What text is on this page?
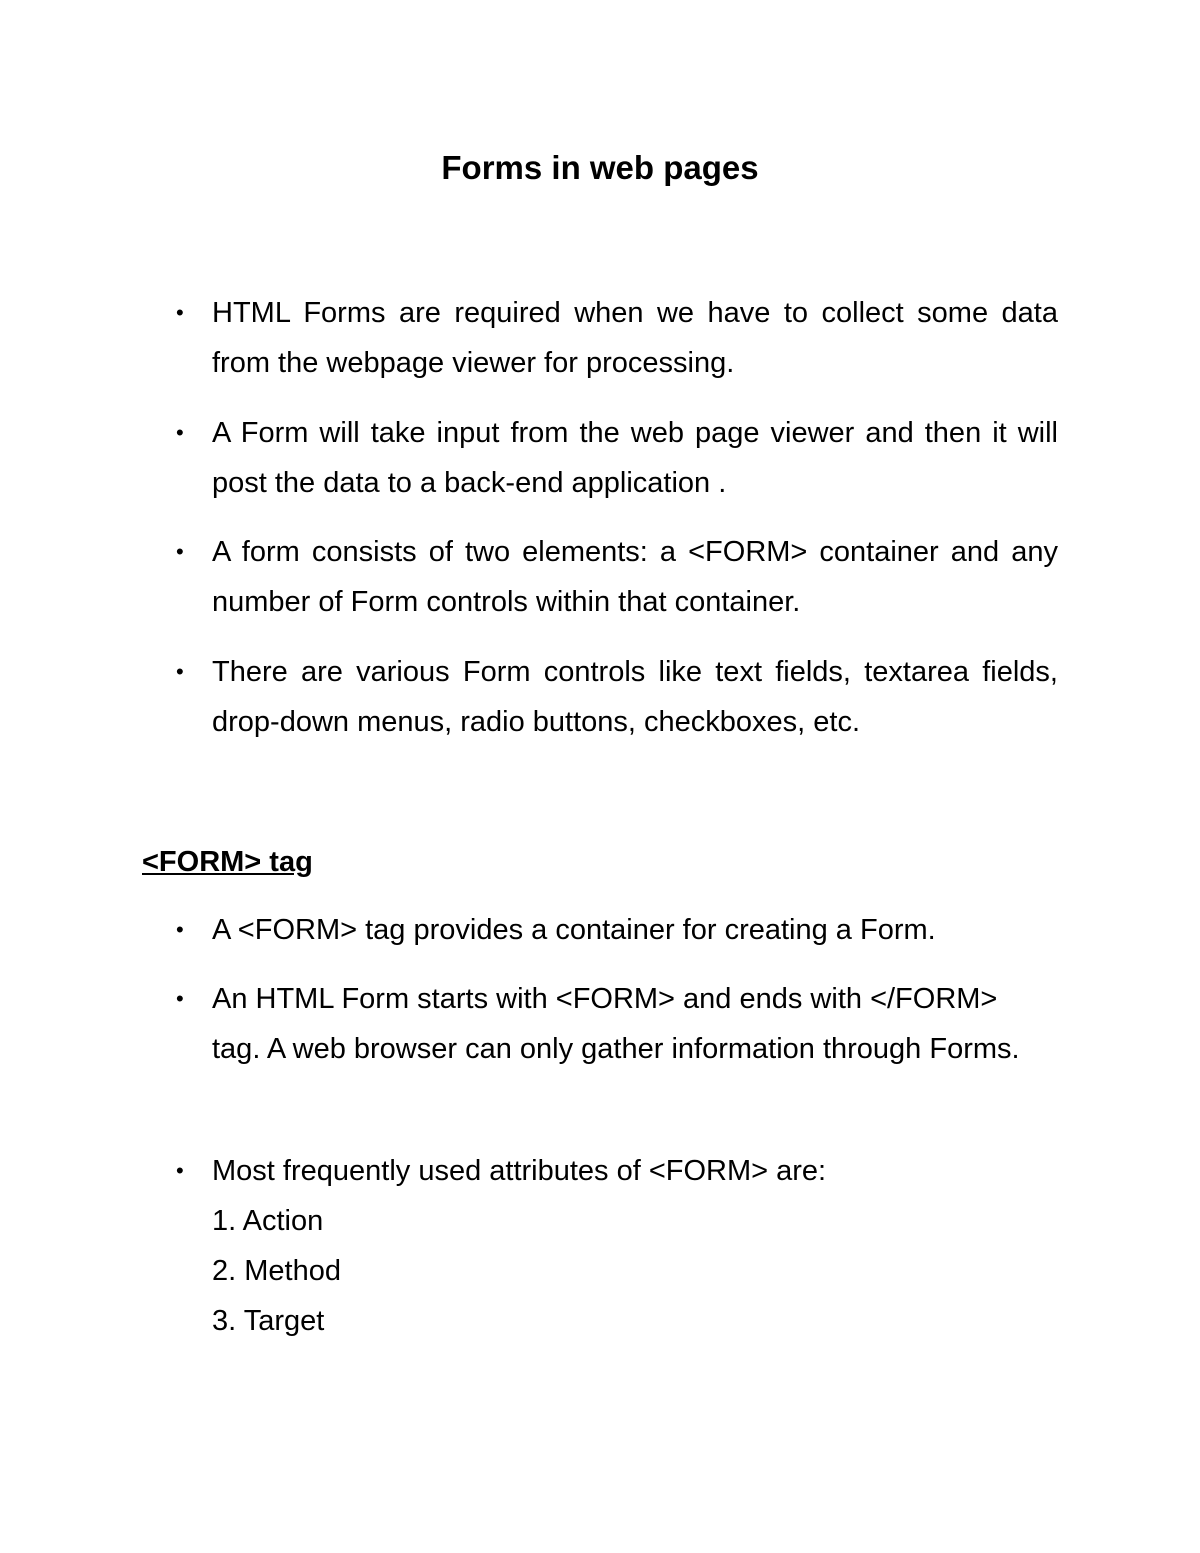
Forms in web pages
• HTML Forms are required when we have to collect some data from the webpage viewer for processing.
• A Form will take input from the web page viewer and then it will post the data to a back-end application .
• A form consists of two elements: a <FORM> container and any number of Form controls within that container.
• There are various Form controls like text fields, textarea fields, drop-down menus, radio buttons, checkboxes, etc.
<FORM> tag
• A <FORM> tag provides a container for creating a Form.
• An HTML Form starts with <FORM> and ends with </FORM> tag. A web browser can only gather information through Forms.
• Most frequently used attributes of <FORM> are:
1. Action
2. Method
3. Target
